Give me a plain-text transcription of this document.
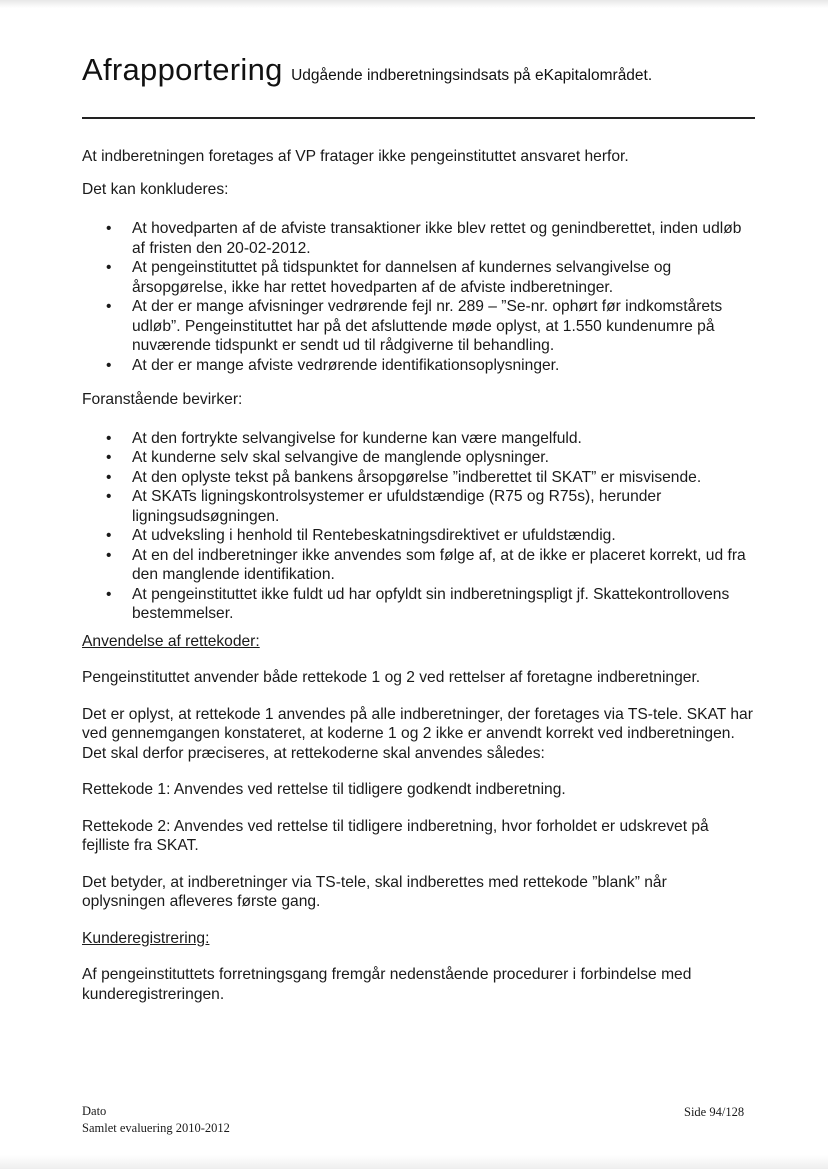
Afrapportering Udgående indberetningsindsats på eKapitalområdet.

At indberetningen foretages af VP fratager ikke pengeinstituttet ansvaret herfor.

Det kan konkluderes:

• At hovedparten af de afviste transaktioner ikke blev rettet og genindberettet, inden udløb af fristen den 20-02-2012.
• At pengeinstituttet på tidspunktet for dannelsen af kundernes selvangivelse og årsopgørelse, ikke har rettet hovedparten af de afviste indberetninger.
• At der er mange afvisninger vedrørende fejl nr. 289 – ”Se-nr. ophørt før indkomstårets udløb”. Pengeinstituttet har på det afsluttende møde oplyst, at 1.550 kundenumre på nuværende tidspunkt er sendt ud til rådgiverne til behandling.
• At der er mange afviste vedrørende identifikationsoplysninger.

Foranstående bevirker:

• At den fortrykte selvangivelse for kunderne kan være mangelfuld.
• At kunderne selv skal selvangive de manglende oplysninger.
• At den oplyste tekst på bankens årsopgørelse ”indberettet til SKAT” er misvisende.
• At SKATs ligningskontrolsystemer er ufuldstændige (R75 og R75s), herunder ligningsudsøgningen.
• At udveksling i henhold til Rentebeskatningsdirektivet er ufuldstændig.
• At en del indberetninger ikke anvendes som følge af, at de ikke er placeret korrekt, ud fra den manglende identifikation.
• At pengeinstituttet ikke fuldt ud har opfyldt sin indberetningspligt jf. Skattekontrollovens bestemmelser.

Anvendelse af rettekoder:

Pengeinstituttet anvender både rettekode 1 og 2 ved rettelser af foretagne indberetninger.

Det er oplyst, at rettekode 1 anvendes på alle indberetninger, der foretages via TS-tele. SKAT har ved gennemgangen konstateret, at koderne 1 og 2 ikke er anvendt korrekt ved indberetningen. Det skal derfor præciseres, at rettekoderne skal anvendes således:

Rettekode 1: Anvendes ved rettelse til tidligere godkendt indberetning.

Rettekode 2: Anvendes ved rettelse til tidligere indberetning, hvor forholdet er udskrevet på fejlliste fra SKAT.

Det betyder, at indberetninger via TS-tele, skal indberettes med rettekode ”blank” når oplysningen afleveres første gang.

Kunderegistrering:

Af pengeinstituttets forretningsgang fremgår nedenstående procedurer i forbindelse med kunderegistreringen.

Dato
Samlet evaluering 2010-2012
Side 94/128
